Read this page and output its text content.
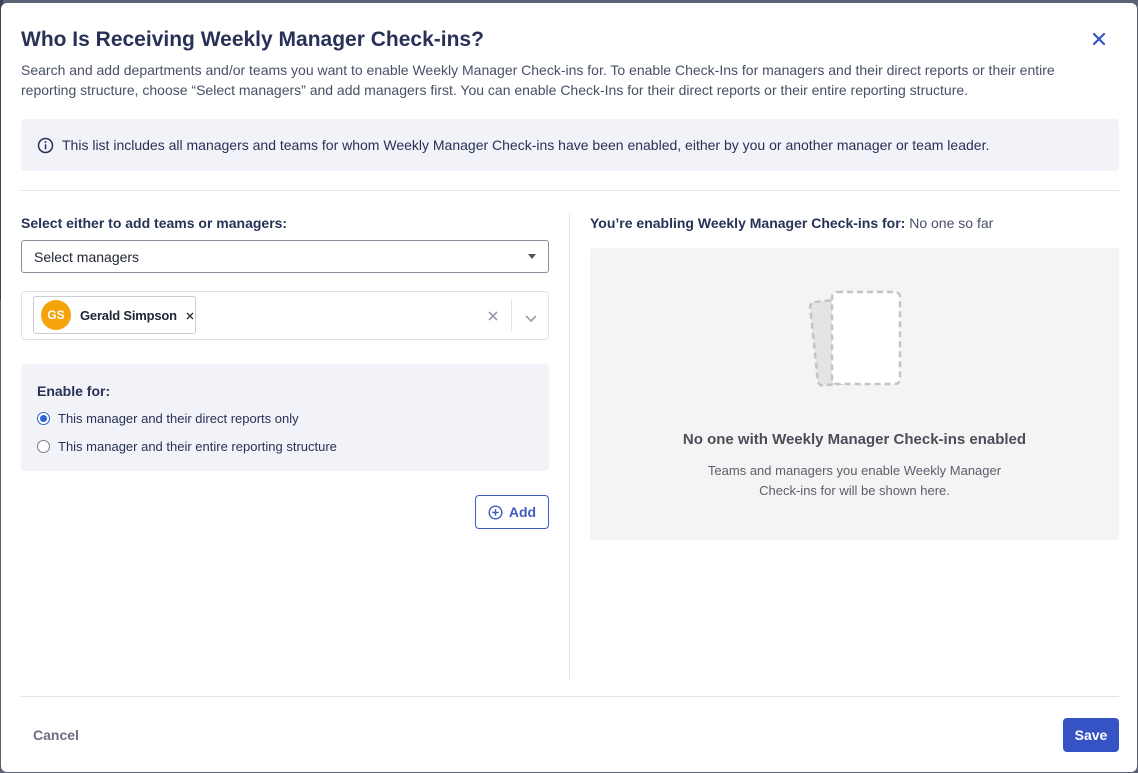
Who Is Receiving Weekly Manager Check-ins?
Search and add departments and/or teams you want to enable Weekly Manager Check-ins for. To enable Check-Ins for managers and their direct reports or their entire reporting structure, choose “Select managers” and add managers first. You can enable Check-Ins for their direct reports or their entire reporting structure.
This list includes all managers and teams for whom Weekly Manager Check-ins have been enabled, either by you or another manager or team leader.
Select either to add teams or managers:
Select managers
GS	Gerald Simpson
Enable for:
This manager and their direct reports only
This manager and their entire reporting structure
Add
You’re enabling Weekly Manager Check-ins for: No one so far
No one with Weekly Manager Check-ins enabled
Teams and managers you enable Weekly Manager Check-ins for will be shown here.
Cancel	Save
